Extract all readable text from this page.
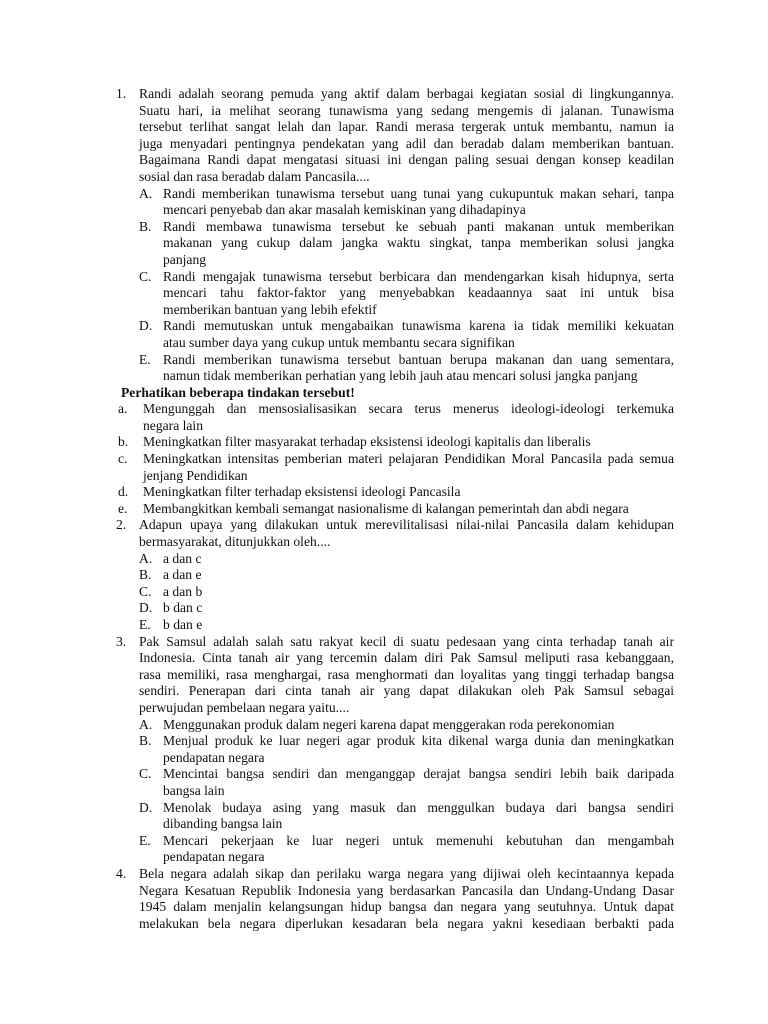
1. Randi adalah seorang pemuda yang aktif dalam berbagai kegiatan sosial di lingkungannya.
Suatu hari, ia melihat seorang tunawisma yang sedang mengemis di jalanan. Tunawisma
tersebut terlihat sangat lelah dan lapar. Randi merasa tergerak untuk membantu, namun ia
juga menyadari pentingnya pendekatan yang adil dan beradab dalam memberikan bantuan.
Bagaimana Randi dapat mengatasi situasi ini dengan paling sesuai dengan konsep keadilan
sosial dan rasa beradab dalam Pancasila....
A. Randi memberikan tunawisma tersebut uang tunai yang cukupuntuk makan sehari, tanpa
mencari penyebab dan akar masalah kemiskinan yang dihadapinya
B. Randi membawa tunawisma tersebut ke sebuah panti makanan untuk memberikan
makanan yang cukup dalam jangka waktu singkat, tanpa memberikan solusi jangka
panjang
C. Randi mengajak tunawisma tersebut berbicara dan mendengarkan kisah hidupnya, serta
mencari tahu faktor-faktor yang menyebabkan keadaannya saat ini untuk bisa
memberikan bantuan yang lebih efektif
D. Randi memutuskan untuk mengabaikan tunawisma karena ia tidak memiliki kekuatan
atau sumber daya yang cukup untuk membantu secara signifikan
E. Randi memberikan tunawisma tersebut bantuan berupa makanan dan uang sementara,
namun tidak memberikan perhatian yang lebih jauh atau mencari solusi jangka panjang
Perhatikan beberapa tindakan tersebut!
a. Mengunggah dan mensosialisasikan secara terus menerus ideologi-ideologi terkemuka
negara lain
b. Meningkatkan filter masyarakat terhadap eksistensi ideologi kapitalis dan liberalis
c. Meningkatkan intensitas pemberian materi pelajaran Pendidikan Moral Pancasila pada semua
jenjang Pendidikan
d. Meningkatkan filter terhadap eksistensi ideologi Pancasila
e. Membangkitkan kembali semangat nasionalisme di kalangan pemerintah dan abdi negara
2. Adapun upaya yang dilakukan untuk merevilitalisasi nilai-nilai Pancasila dalam kehidupan
bermasyarakat, ditunjukkan oleh....
A. a dan c
B. a dan e
C. a dan b
D. b dan c
E. b dan e
3. Pak Samsul adalah salah satu rakyat kecil di suatu pedesaan yang cinta terhadap tanah air
Indonesia. Cinta tanah air yang tercemin dalam diri Pak Samsul meliputi rasa kebanggaan,
rasa memiliki, rasa menghargai, rasa menghormati dan loyalitas yang tinggi terhadap bangsa
sendiri. Penerapan dari cinta tanah air yang dapat dilakukan oleh Pak Samsul sebagai
perwujudan pembelaan negara yaitu....
A. Menggunakan produk dalam negeri karena dapat menggerakan roda perekonomian
B. Menjual produk ke luar negeri agar produk kita dikenal warga dunia dan meningkatkan
pendapatan negara
C. Mencintai bangsa sendiri dan menganggap derajat bangsa sendiri lebih baik daripada
bangsa lain
D. Menolak budaya asing yang masuk dan menggulkan budaya dari bangsa sendiri
dibanding bangsa lain
E. Mencari pekerjaan ke luar negeri untuk memenuhi kebutuhan dan mengambah
pendapatan negara
4. Bela negara adalah sikap dan perilaku warga negara yang dijiwai oleh kecintaannya kepada
Negara Kesatuan Republik Indonesia yang berdasarkan Pancasila dan Undang-Undang Dasar
1945 dalam menjalin kelangsungan hidup bangsa dan negara yang seutuhnya. Untuk dapat
melakukan bela negara diperlukan kesadaran bela negara yakni kesediaan berbakti pada
